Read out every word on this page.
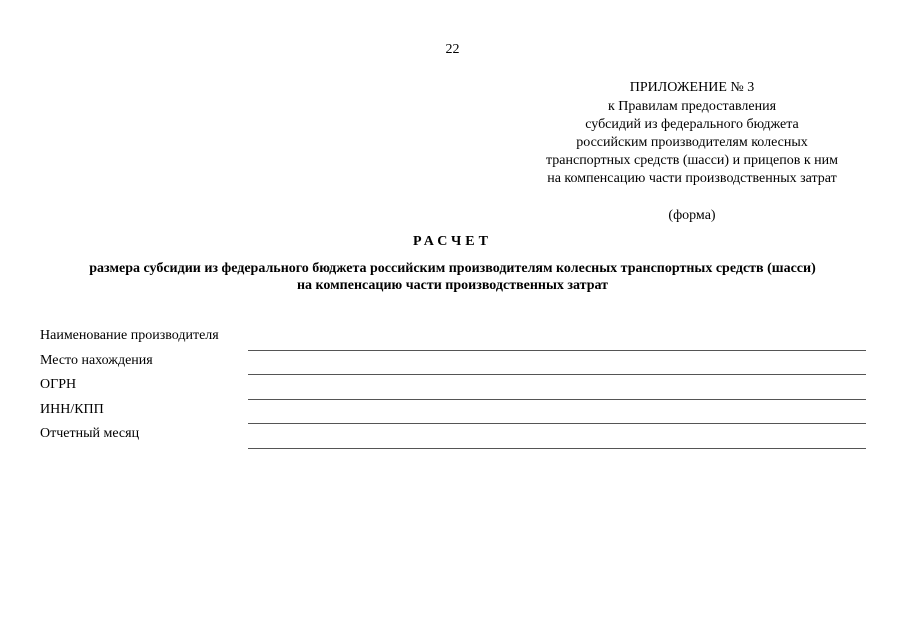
22
ПРИЛОЖЕНИЕ № 3
к Правилам предоставления
субсидий из федерального бюджета
российским производителям колесных
транспортных средств (шасси) и прицепов к ним
на компенсацию части производственных затрат
(форма)
РАСЧЕТ
размера субсидии из федерального бюджета российским производителям колесных транспортных средств (шасси)
на компенсацию части производственных затрат
Наименование производителя
Место нахождения
ОГРН
ИНН/КПП
Отчетный месяц
